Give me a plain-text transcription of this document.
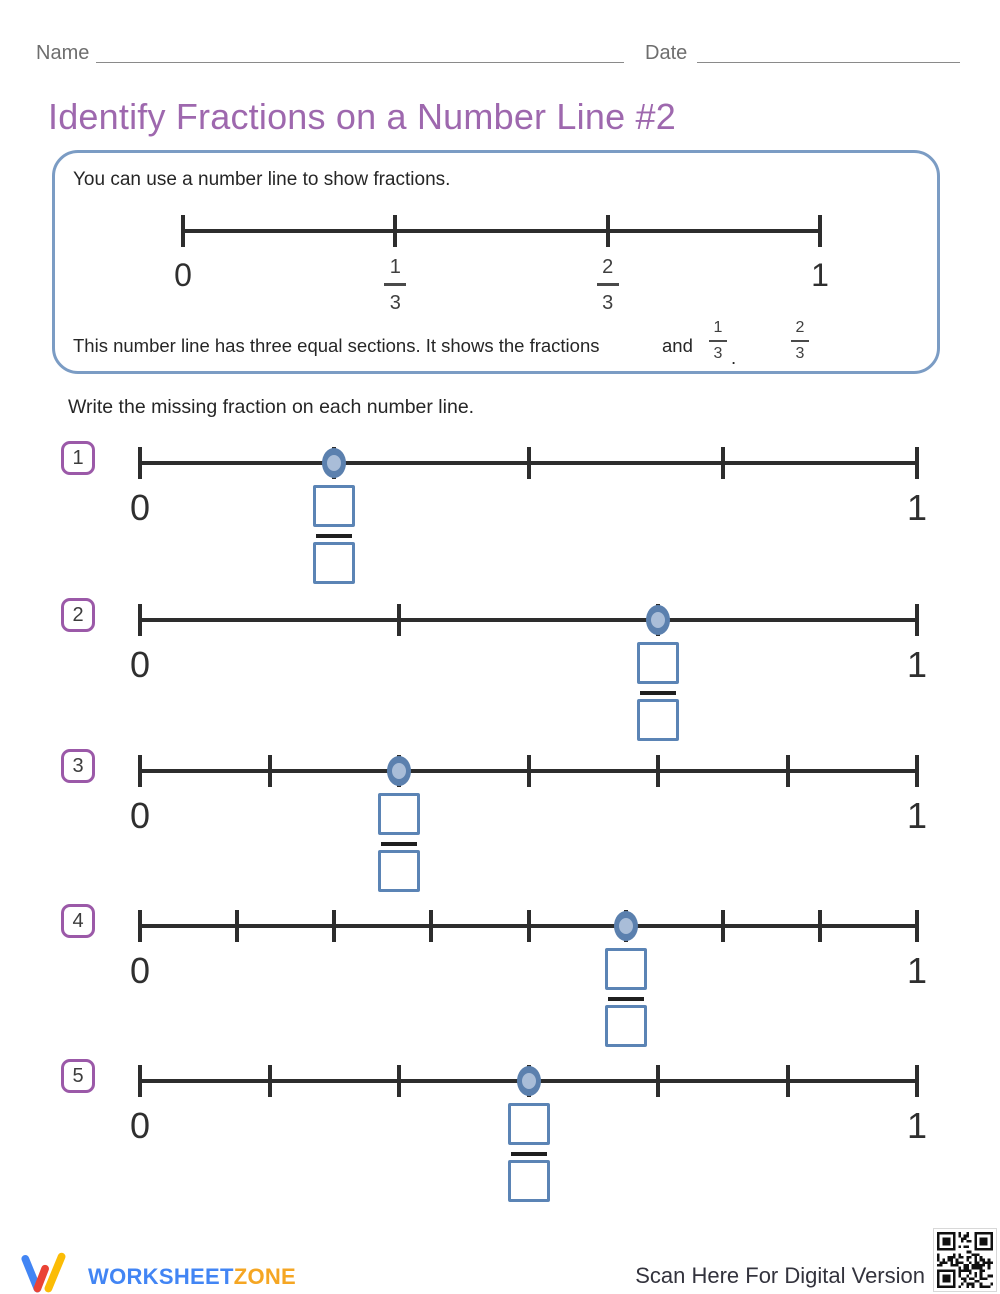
Name	Date
Identify Fractions on a Number Line #2
You can use a number line to show fractions.
0	1
3
2
3
1
This number line has three equal sections. It shows the fractions	and
1
3 .
2
3
Write the missing fraction on each number line.
1
0	1
2
0	1
3
0	1
4
0	1
5
0	1
WORKSHEETZONE	Scan Here For Digital Version
